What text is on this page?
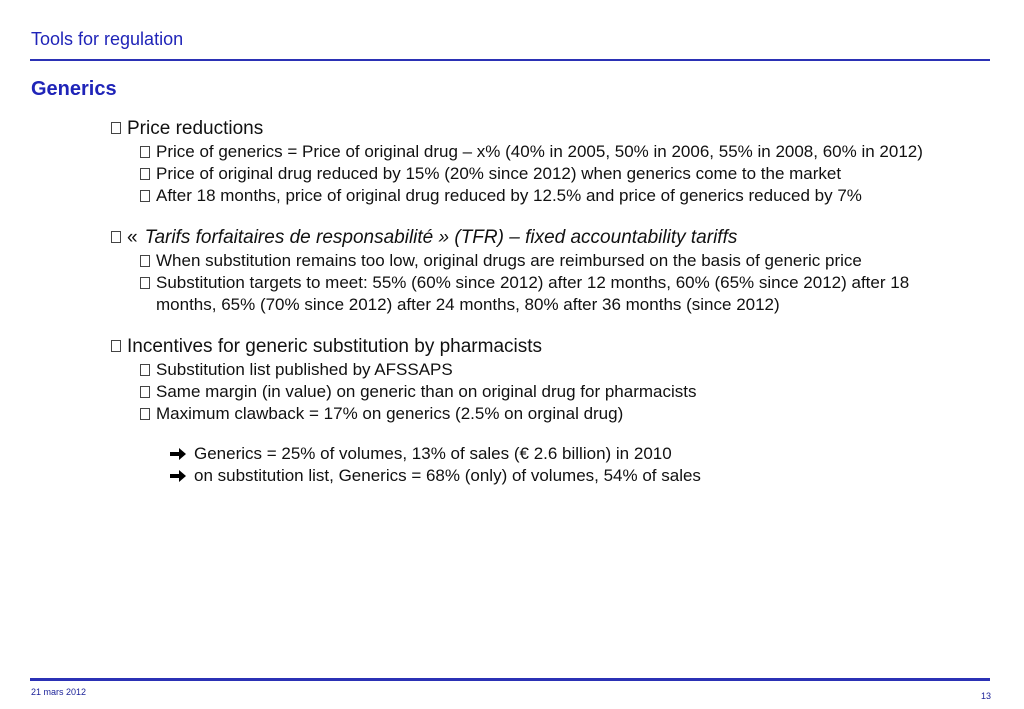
Tools for regulation
Generics
Price reductions
Price of generics = Price of original drug – x% (40% in 2005, 50% in 2006, 55% in 2008, 60% in 2012)
Price of original drug reduced by 15% (20% since 2012) when generics come to the market
After 18 months, price of original drug reduced by 12.5% and price of generics reduced by 7%
« Tarifs forfaitaires de responsabilité » (TFR) – fixed accountability tariffs
When substitution remains too low, original drugs are reimbursed on the basis of generic price
Substitution targets to meet: 55% (60% since 2012) after 12 months, 60% (65% since 2012) after 18 months, 65% (70% since 2012) after 24 months, 80% after 36 months (since 2012)
Incentives for generic substitution by pharmacists
Substitution list published by AFSSAPS
Same margin (in value) on generic than on original drug for pharmacists
Maximum clawback = 17% on generics (2.5% on orginal drug)
Generics = 25% of volumes, 13% of sales (€ 2.6 billion) in 2010
on substitution list, Generics = 68% (only) of volumes, 54% of sales
21 mars 2012	13
